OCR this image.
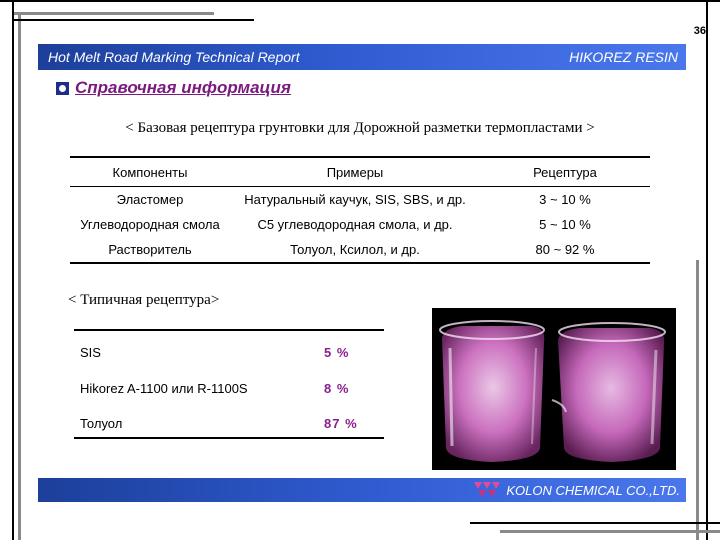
36
Hot Melt Road Marking Technical Report	HIKOREZ RESIN
Справочная информация
< Базовая рецептура грунтовки для Дорожной разметки термопластами >
Компоненты	Примеры	Рецептура
Эластомер	Натуральный каучук, SIS, SBS, и др.	3 ~ 10 %
Углеводородная смола	C5 углеводородная смола, и др.	5 ~ 10 %
Растворитель	Толуол, Ксилол, и др.	80 ~ 92 %
< Типичная рецептура>
SIS	5 %
Hikorez A-1100 или R-1100S	8 %
Толуол	87 %
KOLON CHEMICAL CO.,LTD.
